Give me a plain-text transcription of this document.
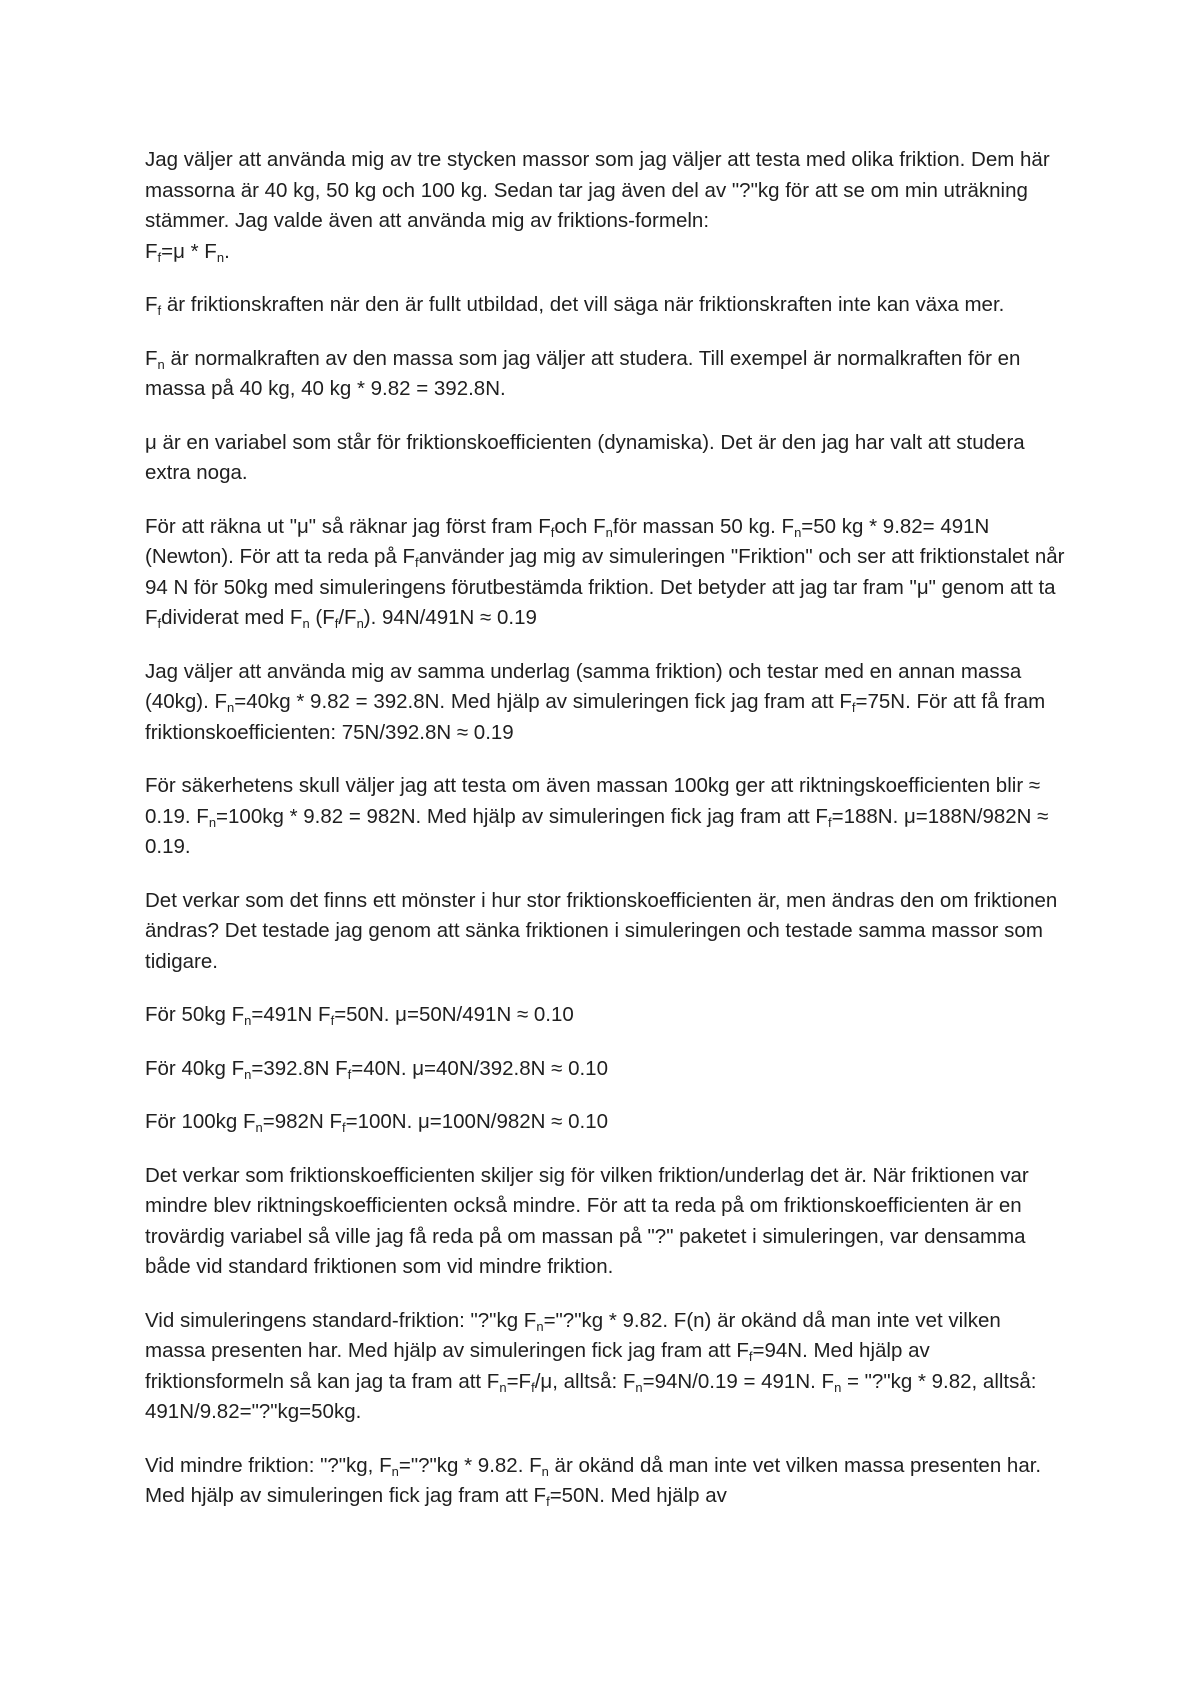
Jag väljer att använda mig av tre stycken massor som jag väljer att testa med olika friktion. Dem här massorna är 40 kg, 50 kg och 100 kg. Sedan tar jag även del av "?"kg för att se om min uträkning stämmer. Jag valde även att använda mig av friktions-formeln:
$F_f=\mu * F_n$.

$F_f$ är friktionskraften när den är fullt utbildad, det vill säga när friktionskraften inte kan växa mer.

$F_n$ är normalkraften av den massa som jag väljer att studera. Till exempel är normalkraften för en massa på 40 kg, 40 kg * 9.82 = 392.8N.

μ är en variabel som står för friktionskoefficienten (dynamiska). Det är den jag har valt att studera extra noga.

För att räkna ut "μ" så räknar jag först fram $F_foch$ $F_nför$ massan 50 kg. $F_n=50$ kg * 9.82= 491N (Newton). För att ta reda på $F_fanvänder$ jag mig av simuleringen "Friktion" och ser att friktionstalet når 94 N för 50kg med simuleringens förutbestämda friktion. Det betyder att jag tar fram "μ" genom att ta $F_fdividerat$ med $F_n$ $(F_f/F_n)$. 94N/491N ≈ 0.19

Jag väljer att använda mig av samma underlag (samma friktion) och testar med en annan massa (40kg). $F_n=40kg * 9.82 = 392.8N$. Med hjälp av simuleringen fick jag fram att $F_f=75N$. För att få fram friktionskoefficienten: 75N/392.8N ≈ 0.19

För säkerhetens skull väljer jag att testa om även massan 100kg ger att riktningskoefficienten blir ≈ 0.19. $F_n=100kg * 9.82 = 982N$. Med hjälp av simuleringen fick jag fram att $F_f=188N$. μ=188N/982N ≈ 0.19.

Det verkar som det finns ett mönster i hur stor friktionskoefficienten är, men ändras den om friktionen ändras? Det testade jag genom att sänka friktionen i simuleringen och testade samma massor som tidigare.

För 50kg $F_n=491N$ $F_f=50N$. μ=50N/491N ≈ 0.10

För 40kg $F_n=392.8N$ $F_f=40N$. μ=40N/392.8N ≈ 0.10

För 100kg $F_n=982N$ $F_f=100N$. μ=100N/982N ≈ 0.10

Det verkar som friktionskoefficienten skiljer sig för vilken friktion/underlag det är. När friktionen var mindre blev riktningskoefficienten också mindre. För att ta reda på om friktionskoefficienten är en trovärdig variabel så ville jag få reda på om massan på "?" paketet i simuleringen, var densamma både vid standard friktionen som vid mindre friktion.

Vid simuleringens standard-friktion: "?"kg $F_n="?"kg * 9.82$. F(n) är okänd då man inte vet vilken massa presenten har. Med hjälp av simuleringen fick jag fram att $F_f=94N$. Med hjälp av friktionsformeln så kan jag ta fram att $F_n=F_f/\mu$, alltså: $F_n=94N/0.19 = 491N$. $F_n$ = "?"kg * 9.82, alltså: 491N/9.82="?"kg=50kg.

Vid mindre friktion: "?"kg, $F_n="?"kg * 9.82$. $F_n$ är okänd då man inte vet vilken massa presenten har. Med hjälp av simuleringen fick jag fram att $F_f=50N$. Med hjälp av
